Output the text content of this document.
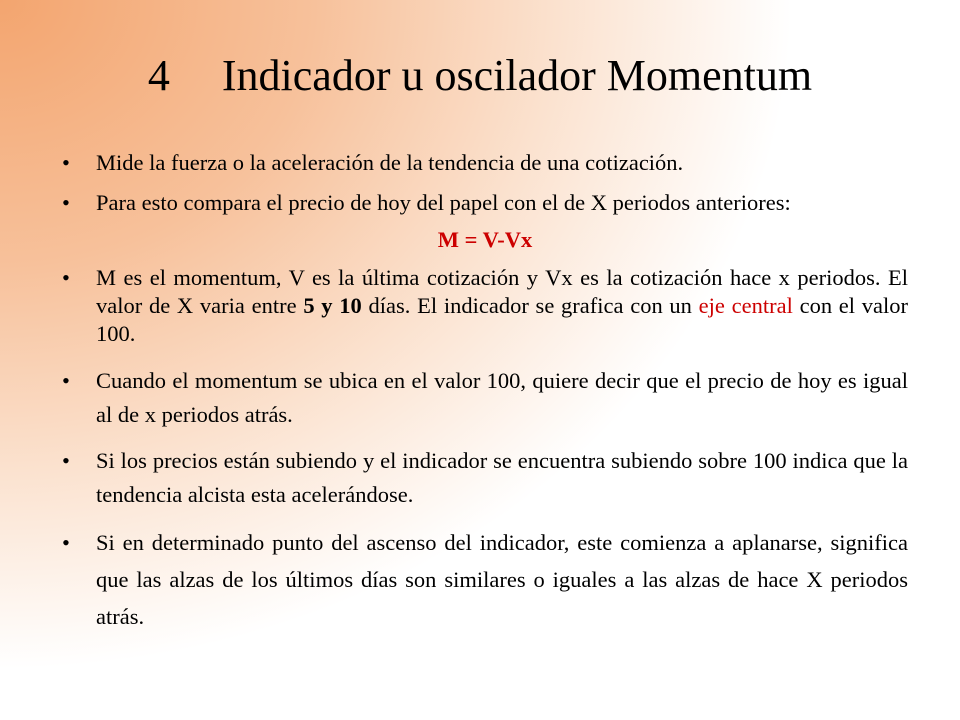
4 Indicador u oscilador Momentum

• Mide la fuerza o la aceleración de la tendencia de una cotización.

• Para esto compara el precio de hoy del papel con el de X periodos anteriores:

M = V-Vx

• M es el momentum, V es la última cotización y Vx es la cotización hace x periodos. El valor de X varia entre 5 y 10 días. El indicador se grafica con un eje central con el valor 100.

• Cuando el momentum se ubica en el valor 100, quiere decir que el precio de hoy es igual al de x periodos atrás.

• Si los precios están subiendo y el indicador se encuentra subiendo sobre 100 indica que la tendencia alcista esta acelerándose.

• Si en determinado punto del ascenso del indicador, este comienza a aplanarse, significa que las alzas de los últimos días son similares o iguales a las alzas de hace X periodos atrás.
